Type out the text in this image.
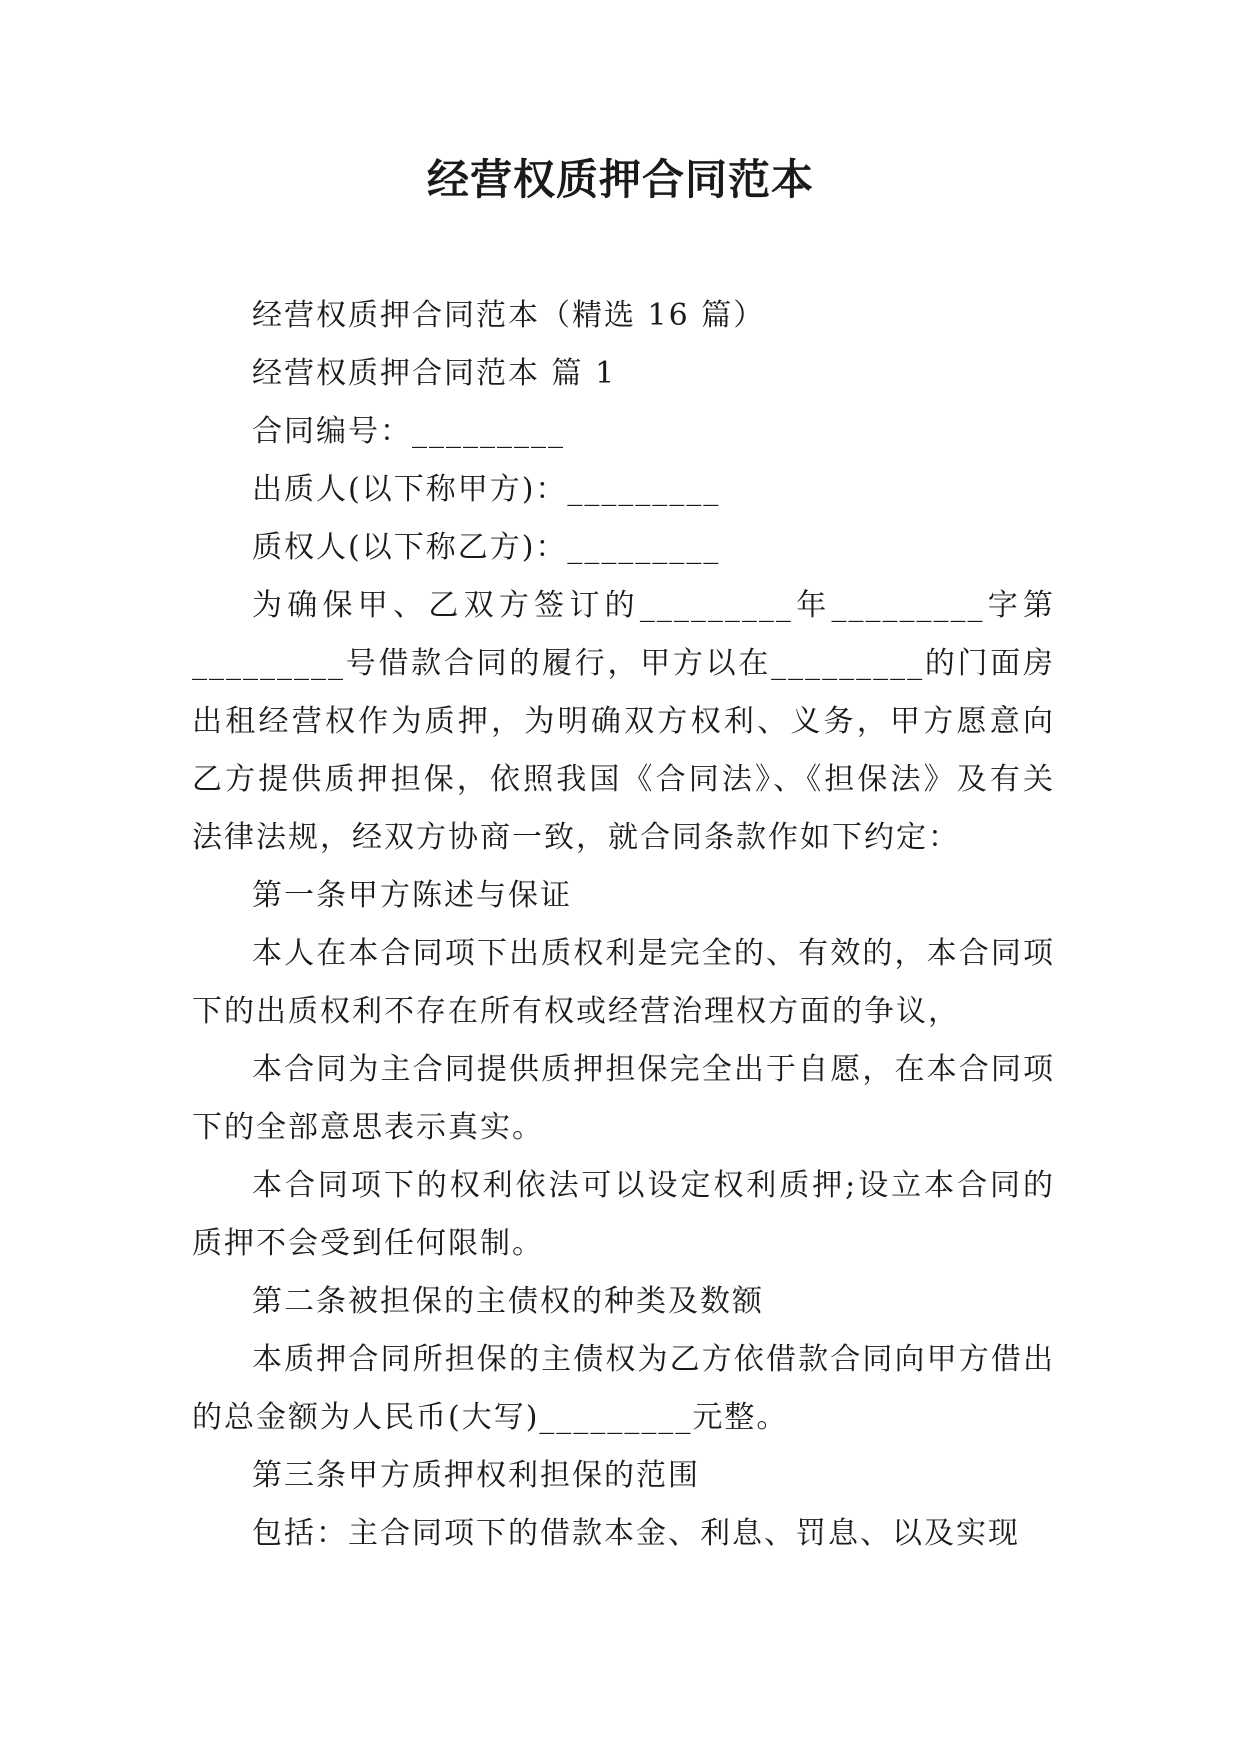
经营权质押合同范本

经营权质押合同范本（精选 16 篇）

经营权质押合同范本 篇 1

合同编号：_________

出质人(以下称甲方)：_________

质权人(以下称乙方)：_________

为确保甲、乙双方签订的_________年_________字第_________号借款合同的履行，甲方以在_________的门面房出租经营权作为质押，为明确双方权利、义务，甲方愿意向乙方提供质押担保，依照我国《合同法》、《担保法》及有关法律法规，经双方协商一致，就合同条款作如下约定：

第一条甲方陈述与保证

本人在本合同项下出质权利是完全的、有效的，本合同项下的出质权利不存在所有权或经营治理权方面的争议，

本合同为主合同提供质押担保完全出于自愿，在本合同项下的全部意思表示真实。

本合同项下的权利依法可以设定权利质押;设立本合同的质押不会受到任何限制。

第二条被担保的主债权的种类及数额

本质押合同所担保的主债权为乙方依借款合同向甲方借出的总金额为人民币(大写)_________元整。

第三条甲方质押权利担保的范围

包括：主合同项下的借款本金、利息、罚息、以及实现
